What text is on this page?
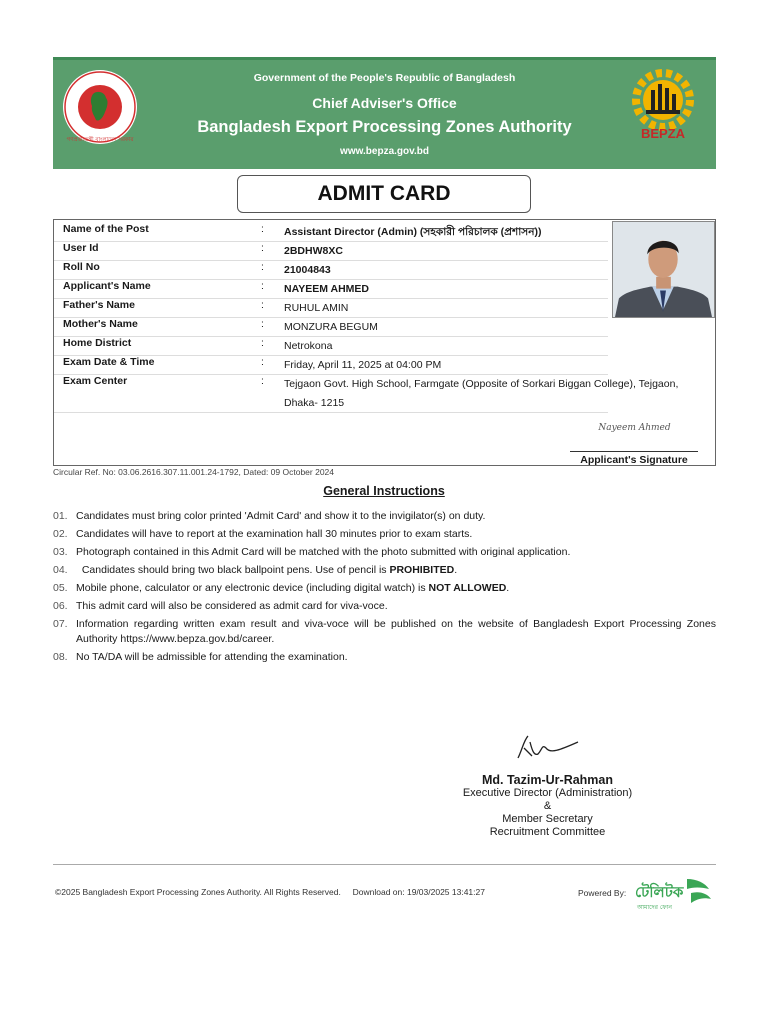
গণপ্রজাতন্ত্রী বাংলাদেশ সরকার
Government of the People's Republic of Bangladesh
Chief Adviser's Office
Bangladesh Export Processing Zones Authority
www.bepza.gov.bd
BEPZA
ADMIT CARD
Name of the Post	: Assistant Director (Admin) (সহকারী পরিচালক (প্রশাসন))
User Id	: 2BDHW8XC
Roll No	: 21004843
Applicant's Name	: NAYEEM AHMED
Father's Name	: RUHUL AMIN
Mother's Name	: MONZURA BEGUM
Home District	: Netrokona
Exam Date & Time	: Friday, April 11, 2025 at 04:00 PM
Exam Center	: Tejgaon Govt. High School, Farmgate (Opposite of Sorkari Biggan College), Tejgaon, Dhaka- 1215
Nayeem Ahmed
Applicant's Signature
Circular Ref. No: 03.06.2616.307.11.001.24-1792, Dated: 09 October 2024
General Instructions
01. Candidates must bring color printed 'Admit Card' and show it to the invigilator(s) on duty.
02. Candidates will have to report at the examination hall 30 minutes prior to exam starts.
03. Photograph contained in this Admit Card will be matched with the photo submitted with original application.
04. Candidates should bring two black ballpoint pens. Use of pencil is PROHIBITED.
05. Mobile phone, calculator or any electronic device (including digital watch) is NOT ALLOWED.
06. This admit card will also be considered as admit card for viva-voce.
07. Information regarding written exam result and viva-voce will be published on the website of Bangladesh Export Processing Zones Authority https://www.bepza.gov.bd/career.
08. No TA/DA will be admissible for attending the examination.
Md. Tazim-Ur-Rahman
Executive Director (Administration)
&
Member Secretary
Recruitment Committee
©2025 Bangladesh Export Processing Zones Authority. All Rights Reserved. Download on: 19/03/2025 13:41:27	Powered By: টেলিটক
আমাদের ফোন
